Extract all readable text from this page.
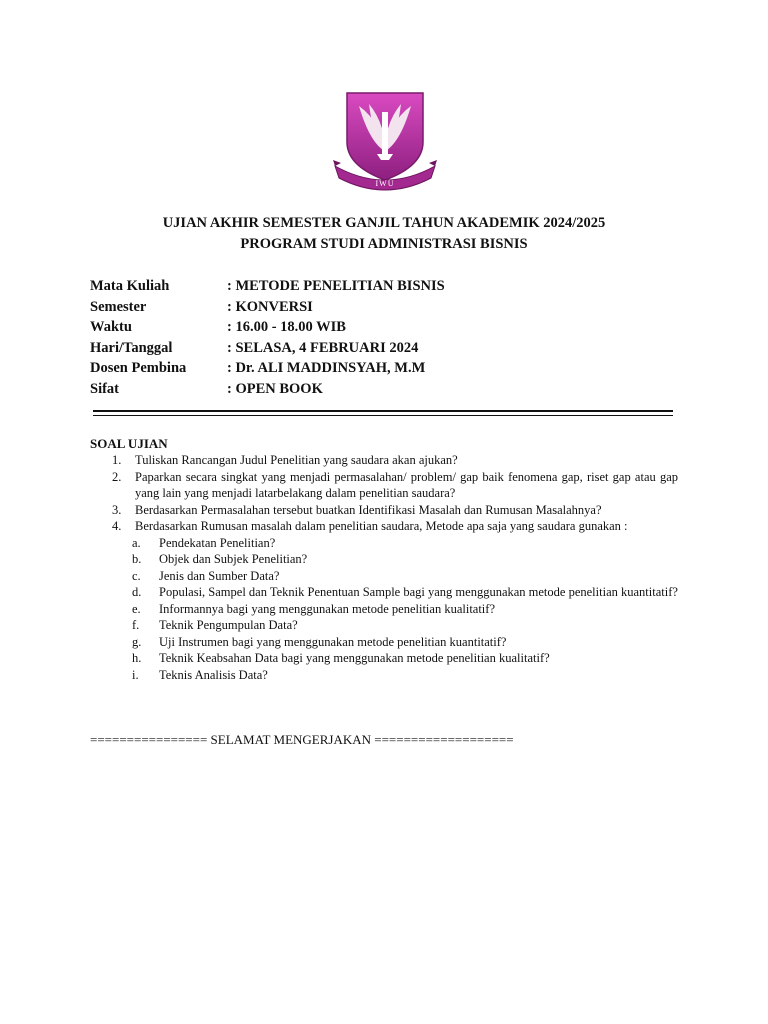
IWU
UJIAN AKHIR SEMESTER GANJIL TAHUN AKADEMIK 2024/2025
PROGRAM STUDI ADMINISTRASI BISNIS
Mata Kuliah	: METODE PENELITIAN BISNIS
Semester	: KONVERSI
Waktu	: 16.00 - 18.00 WIB
Hari/Tanggal	: SELASA, 4 FEBRUARI 2024
Dosen Pembina	: Dr. ALI MADDINSYAH, M.M
Sifat	: OPEN BOOK
SOAL UJIAN
1. Tuliskan Rancangan Judul Penelitian yang saudara akan ajukan?
2. Paparkan secara singkat yang menjadi permasalahan/ problem/ gap baik fenomena gap, riset gap atau gap yang lain yang menjadi latarbelakang dalam penelitian saudara?
3. Berdasarkan Permasalahan tersebut buatkan Identifikasi Masalah dan Rumusan Masalahnya?
4. Berdasarkan Rumusan masalah dalam penelitian saudara, Metode apa saja yang saudara gunakan :
a. Pendekatan Penelitian?
b. Objek dan Subjek Penelitian?
c. Jenis dan Sumber Data?
d. Populasi, Sampel dan Teknik Penentuan Sample bagi yang menggunakan metode penelitian kuantitatif?
e. Informannya bagi yang menggunakan metode penelitian kualitatif?
f. Teknik Pengumpulan Data?
g. Uji Instrumen bagi yang menggunakan metode penelitian kuantitatif?
h. Teknik Keabsahan Data bagi yang menggunakan metode penelitian kualitatif?
i. Teknis Analisis Data?
================ SELAMAT MENGERJAKAN ===================
